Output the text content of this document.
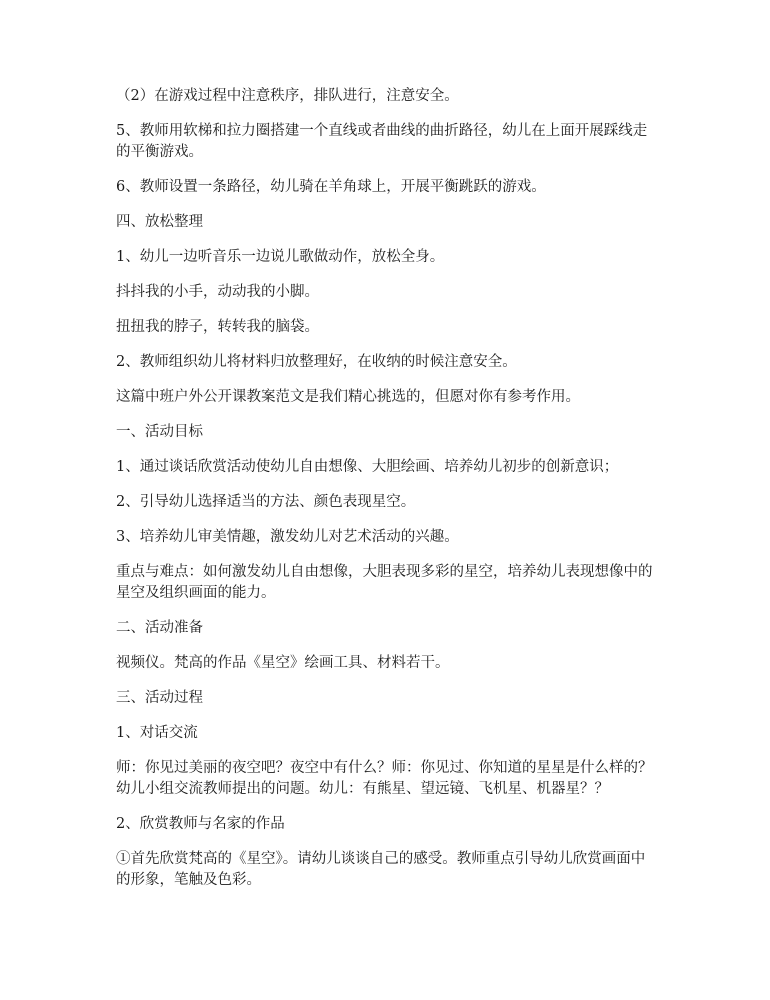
（2）在游戏过程中注意秩序，排队进行，注意安全。

5、教师用软梯和拉力圈搭建一个直线或者曲线的曲折路径，幼儿在上面开展踩线走的平衡游戏。

6、教师设置一条路径，幼儿骑在羊角球上，开展平衡跳跃的游戏。

四、放松整理

1、幼儿一边听音乐一边说儿歌做动作，放松全身。

抖抖我的小手，动动我的小脚。

扭扭我的脖子，转转我的脑袋。

2、教师组织幼儿将材料归放整理好，在收纳的时候注意安全。

这篇中班户外公开课教案范文是我们精心挑选的，但愿对你有参考作用。

一、活动目标

1、通过谈话欣赏活动使幼儿自由想像、大胆绘画、培养幼儿初步的创新意识；

2、引导幼儿选择适当的方法、颜色表现星空。

3、培养幼儿审美情趣，激发幼儿对艺术活动的兴趣。

重点与难点：如何激发幼儿自由想像，大胆表现多彩的星空，培养幼儿表现想像中的星空及组织画面的能力。

二、活动准备

视频仪。梵高的作品《星空》绘画工具、材料若干。

三、活动过程

1、对话交流

师：你见过美丽的夜空吧？夜空中有什么？师：你见过、你知道的星星是什么样的？幼儿小组交流教师提出的问题。幼儿：有熊星、望远镜、飞机星、机器星？？

2、欣赏教师与名家的作品

①首先欣赏梵高的《星空》。请幼儿谈谈自己的感受。教师重点引导幼儿欣赏画面中的形象，笔触及色彩。
